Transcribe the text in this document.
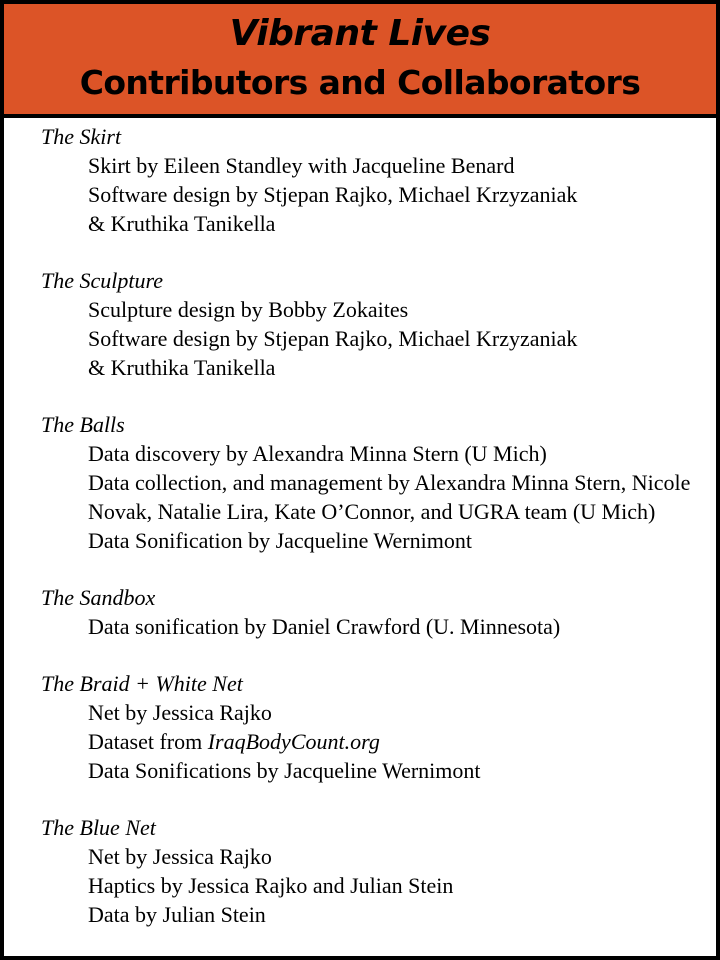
Vibrant Lives
Contributors and Collaborators
The Skirt
Skirt by Eileen Standley with Jacqueline Benard
Software design by Stjepan Rajko, Michael Krzyzaniak
& Kruthika Tanikella
The Sculpture
Sculpture design by Bobby Zokaites
Software design by Stjepan Rajko, Michael Krzyzaniak
& Kruthika Tanikella
The Balls
Data discovery by Alexandra Minna Stern (U Mich)
Data collection, and management by Alexandra Minna Stern, Nicole Novak, Natalie Lira, Kate O’Connor, and UGRA team (U Mich)
Data Sonification by Jacqueline Wernimont
The Sandbox
Data sonification by Daniel Crawford (U. Minnesota)
The Braid + White Net
Net by Jessica Rajko
Dataset from IraqBodyCount.org
Data Sonifications by Jacqueline Wernimont
The Blue Net
Net by Jessica Rajko
Haptics by Jessica Rajko and Julian Stein
Data by Julian Stein
